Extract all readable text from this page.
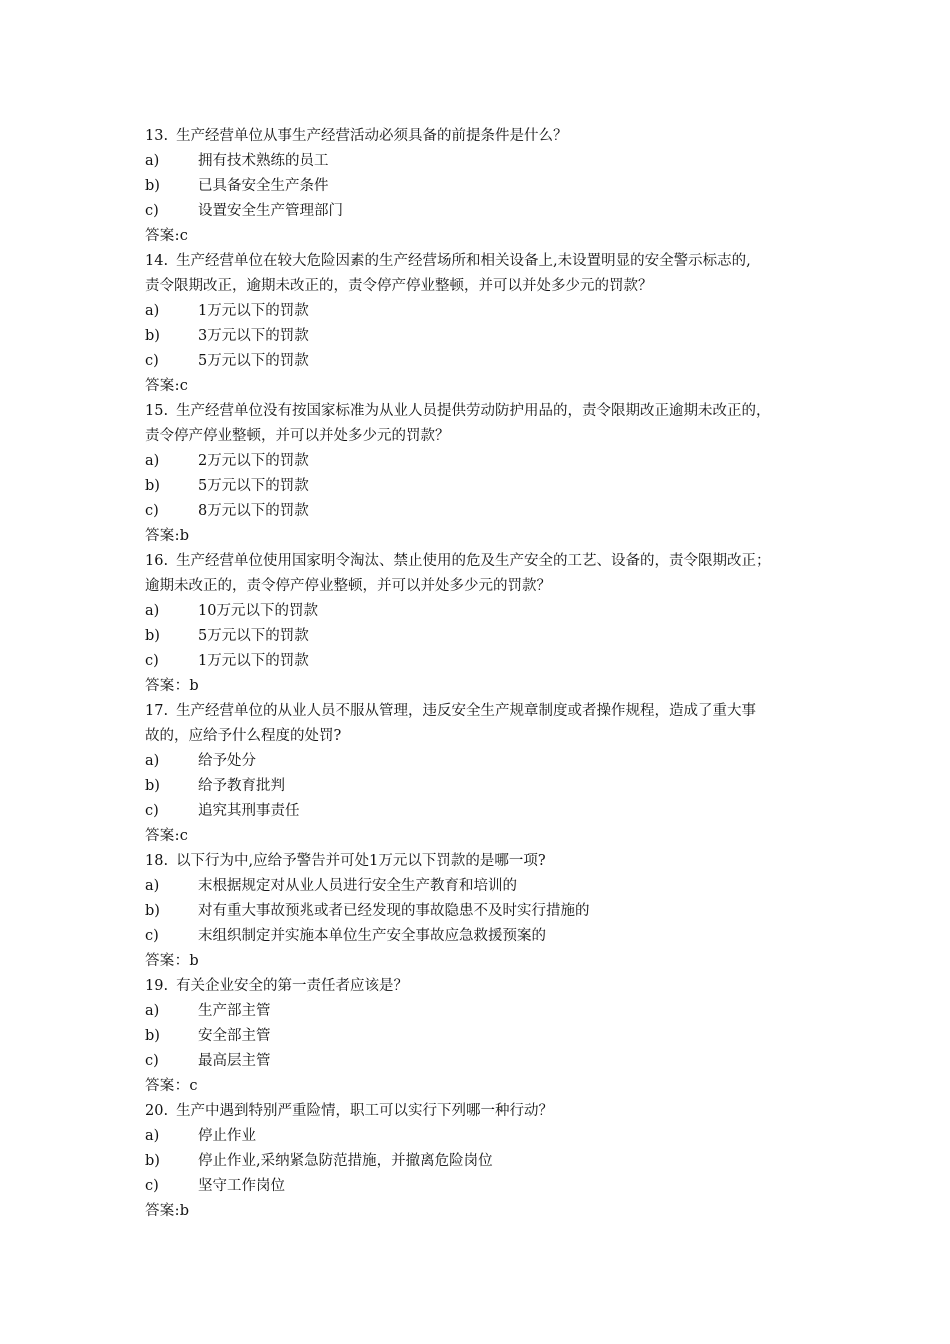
13. 生产经营单位从事生产经营活动必须具备的前提条件是什么？
a)	拥有技术熟练的员工
b)	已具备安全生产条件
c)	设置安全生产管理部门
答案:c
14. 生产经营单位在较大危险因素的生产经营场所和相关设备上,未设置明显的安全警示标志的,
责令限期改正，逾期未改正的，责令停产停业整顿，并可以并处多少元的罚款？
a)	1万元以下的罚款
b)	3万元以下的罚款
c)	5万元以下的罚款
答案:c
15. 生产经营单位没有按国家标准为从业人员提供劳动防护用品的，责令限期改正逾期未改正的，
责令停产停业整顿，并可以并处多少元的罚款？
a)	2万元以下的罚款
b)	5万元以下的罚款
c)	8万元以下的罚款
答案:b
16. 生产经营单位使用国家明令淘汰、禁止使用的危及生产安全的工艺、设备的，责令限期改正；
逾期未改正的，责令停产停业整顿，并可以并处多少元的罚款？
a)	10万元以下的罚款
b)	5万元以下的罚款
c)	1万元以下的罚款
答案：b
17. 生产经营单位的从业人员不服从管理，违反安全生产规章制度或者操作规程，造成了重大事
故的，应给予什么程度的处罚?
a)	给予处分
b)	给予教育批判
c)	追究其刑事责任
答案:c
18. 以下行为中,应给予警告并可处1万元以下罚款的是哪一项?
a)	末根据规定对从业人员进行安全生产教育和培训的
b)	对有重大事故预兆或者已经发现的事故隐患不及时实行措施的
c)	末组织制定并实施本单位生产安全事故应急救援预案的
答案：b
19. 有关企业安全的第一责任者应该是？
a)	生产部主管
b)	安全部主管
c)	最高层主管
答案：c
20. 生产中遇到特别严重险情，职工可以实行下列哪一种行动？
a)	停止作业
b)	停止作业,采纳紧急防范措施，并撤离危险岗位
c)	坚守工作岗位
答案:b
